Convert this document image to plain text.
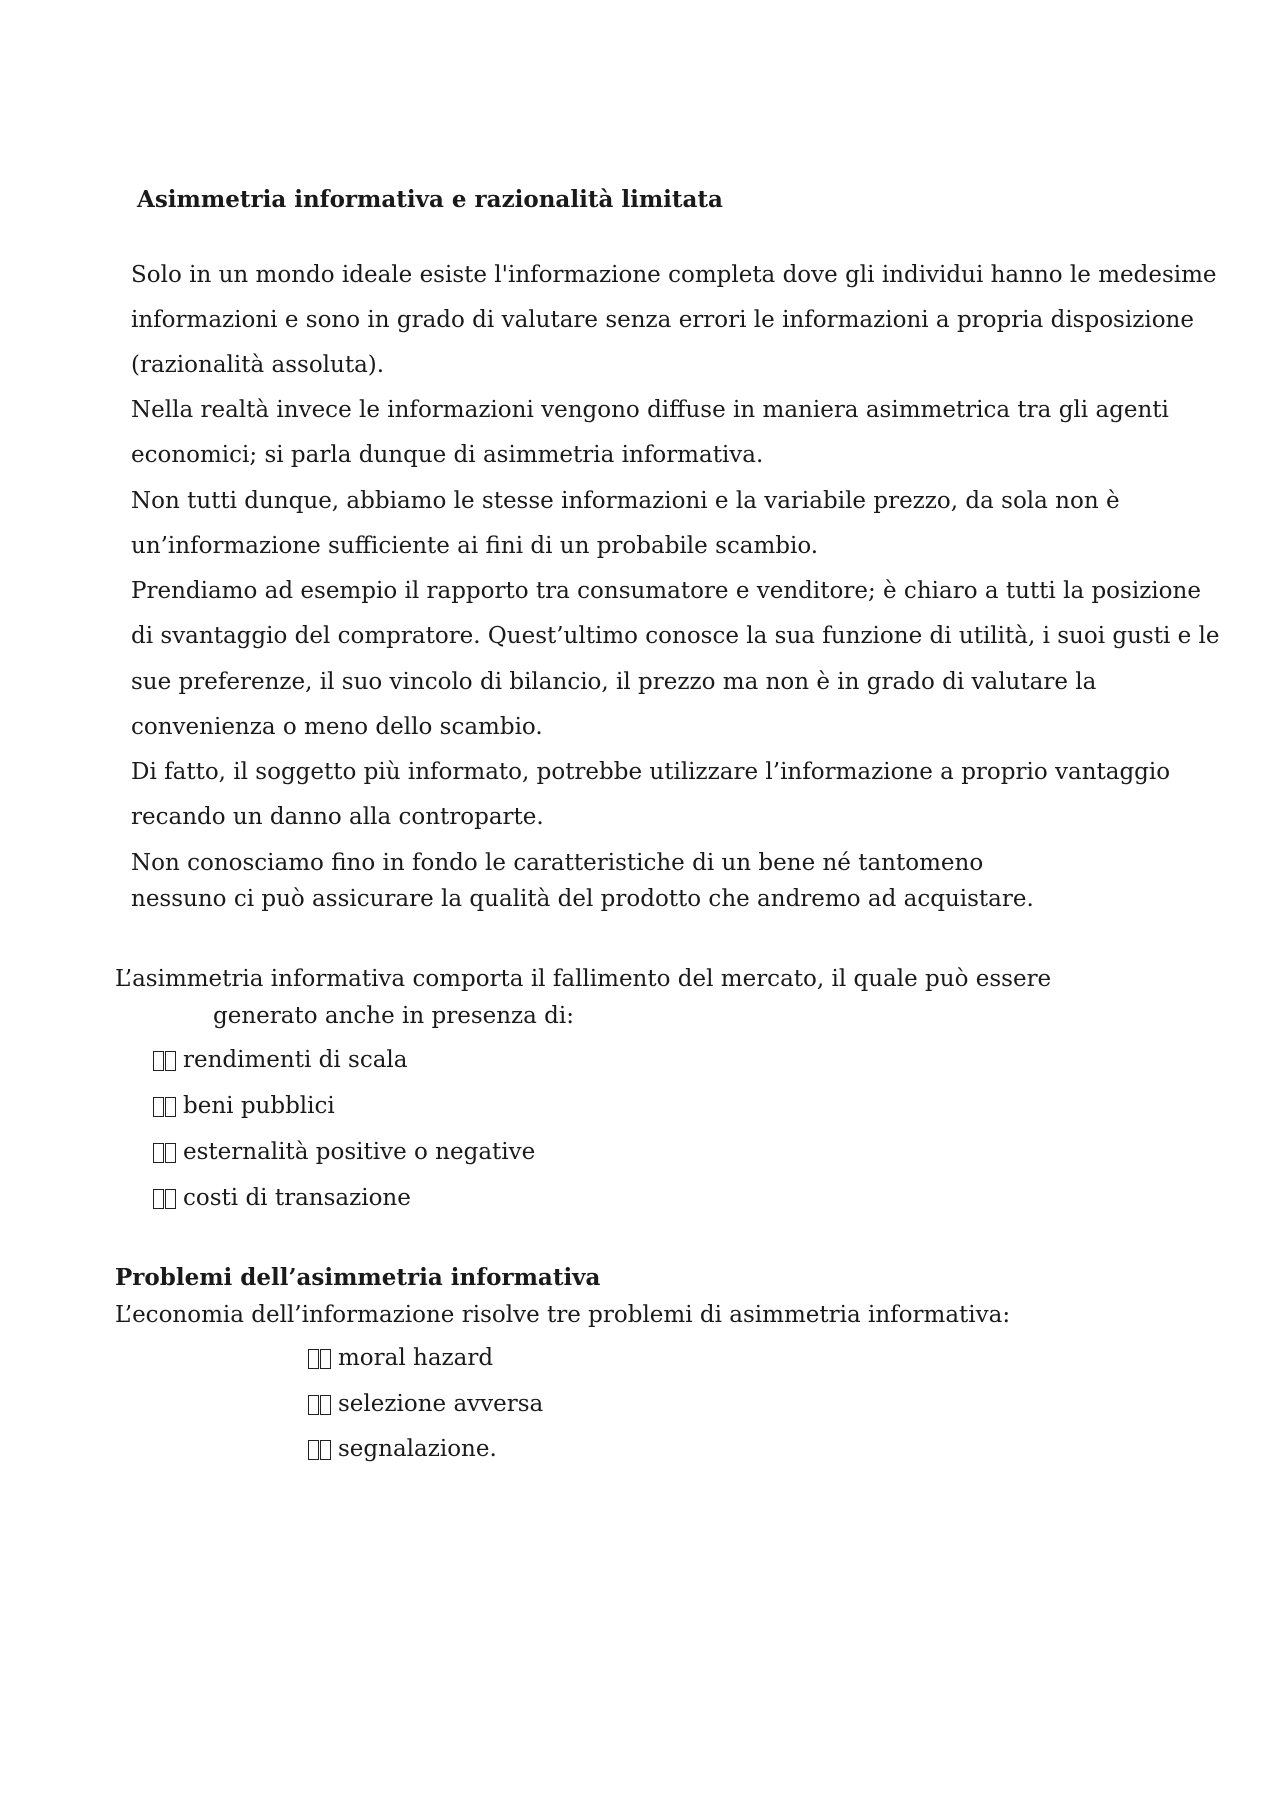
Asimmetria informativa e razionalità limitata
Solo in un mondo ideale esiste l'informazione completa dove gli individui hanno le medesime
informazioni e sono in grado di valutare senza errori le informazioni a propria disposizione
(razionalità assoluta).
Nella realtà invece le informazioni vengono diffuse in maniera asimmetrica tra gli agenti
economici; si parla dunque di asimmetria informativa.
Non tutti dunque, abbiamo le stesse informazioni e la variabile prezzo, da sola non è
un’informazione sufficiente ai fini di un probabile scambio.
Prendiamo ad esempio il rapporto tra consumatore e venditore; è chiaro a tutti la posizione
di svantaggio del compratore. Quest’ultimo conosce la sua funzione di utilità, i suoi gusti e le
sue preferenze, il suo vincolo di bilancio, il prezzo ma non è in grado di valutare la
convenienza o meno dello scambio.
Di fatto, il soggetto più informato, potrebbe utilizzare l’informazione a proprio vantaggio
recando un danno alla controparte.
Non conosciamo fino in fondo le caratteristiche di un bene né tantomeno
nessuno ci può assicurare la qualità del prodotto che andremo ad acquistare.
L’asimmetria informativa comporta il fallimento del mercato, il quale può essere
generato anche in presenza di:
rendimenti di scala
beni pubblici
esternalità positive o negative
costi di transazione
Problemi dell’asimmetria informativa
L’economia dell’informazione risolve tre problemi di asimmetria informativa:
moral hazard
selezione avversa
segnalazione.
